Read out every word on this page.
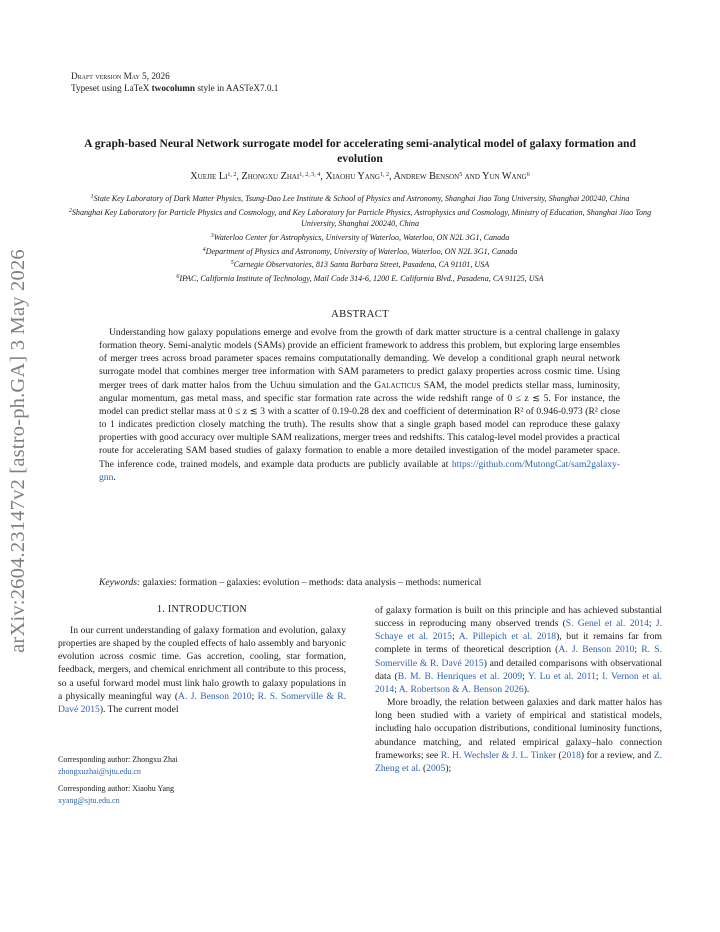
arXiv:2604.23147v2 [astro-ph.GA] 3 May 2026
Draft version May 5, 2026
Typeset using LaTeX twocolumn style in AASTeX7.0.1
A graph-based Neural Network surrogate model for accelerating semi-analytical model of galaxy formation and evolution
Xuejie Li$^{1, 2}$, Zhongxu Zhai$^{1, 2, 3, 4}$, Xiaohu Yang$^{1, 2}$, Andrew Benson$^5$ and Yun Wang$^6$
$^1$State Key Laboratory of Dark Matter Physics, Tsung-Dao Lee Institute & School of Physics and Astronomy, Shanghai Jiao Tong University, Shanghai 200240, China
$^2$Shanghai Key Laboratory for Particle Physics and Cosmology, and Key Laboratory for Particle Physics, Astrophysics and Cosmology, Ministry of Education, Shanghai Jiao Tong University, Shanghai 200240, China
$^3$Waterloo Center for Astrophysics, University of Waterloo, Waterloo, ON N2L 3G1, Canada
$^4$Department of Physics and Astronomy, University of Waterloo, Waterloo, ON N2L 3G1, Canada
$^5$Carnegie Observatories, 813 Santa Barbara Street, Pasadena, CA 91101, USA
$^6$IPAC, California Institute of Technology, Mail Code 314-6, 1200 E. California Blvd., Pasadena, CA 91125, USA
ABSTRACT
Understanding how galaxy populations emerge and evolve from the growth of dark matter structure is a central challenge in galaxy formation theory. Semi-analytic models (SAMs) provide an efficient framework to address this problem, but exploring large ensembles of merger trees across broad parameter spaces remains computationally demanding. We develop a conditional graph neural network surrogate model that combines merger tree information with SAM parameters to predict galaxy properties across cosmic time. Using merger trees of dark matter halos from the Uchuu simulation and the Galacticus SAM, the model predicts stellar mass, luminosity, angular momentum, gas metal mass, and specific star formation rate across the wide redshift range of 0 ≤ z ≲ 5. For instance, the model can predict stellar mass at 0 ≤ z ≲ 3 with a scatter of 0.19-0.28 dex and coefficient of determination R² of 0.946-0.973 (R² close to 1 indicates prediction closely matching the truth). The results show that a single graph based model can reproduce these galaxy properties with good accuracy over multiple SAM realizations, merger trees and redshifts. This catalog-level model provides a practical route for accelerating SAM based studies of galaxy formation to enable a more detailed investigation of the model parameter space. The inference code, trained models, and example data products are publicly available at https://github.com/MutongCat/sam2galaxy-gnn.
Keywords: galaxies: formation – galaxies: evolution – methods: data analysis – methods: numerical
1. INTRODUCTION
In our current understanding of galaxy formation and evolution, galaxy properties are shaped by the coupled effects of halo assembly and baryonic evolution across cosmic time. Gas accretion, cooling, star formation, feedback, mergers, and chemical enrichment all contribute to this process, so a useful forward model must link halo growth to galaxy populations in a physically meaningful way (A. J. Benson 2010; R. S. Somerville & R. Davé 2015). The current model
Corresponding author: Zhongxu Zhai
zhongxuzhai@sjtu.edu.cn
Corresponding author: Xiaohu Yang
xyang@sjtu.edu.cn
of galaxy formation is built on this principle and has achieved substantial success in reproducing many observed trends (S. Genel et al. 2014; J. Schaye et al. 2015; A. Pillepich et al. 2018), but it remains far from complete in terms of theoretical description (A. J. Benson 2010; R. S. Somerville & R. Davé 2015) and detailed comparisons with observational data (B. M. B. Henriques et al. 2009; Y. Lu et al. 2011; I. Vernon et al. 2014; A. Robertson & A. Benson 2026).
More broadly, the relation between galaxies and dark matter halos has long been studied with a variety of empirical and statistical models, including halo occupation distributions, conditional luminosity functions, abundance matching, and related empirical galaxy–halo connection frameworks; see R. H. Wechsler & J. L. Tinker (2018) for a review, and Z. Zheng et al. (2005);
